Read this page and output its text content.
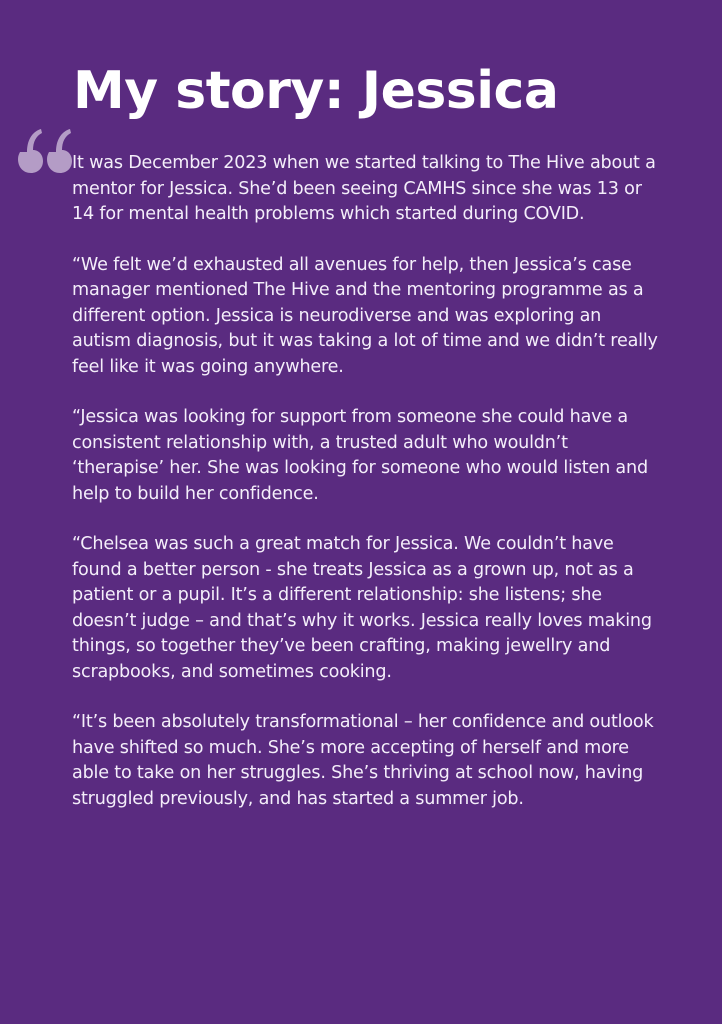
My story: Jessica

It was December 2023 when we started talking to The Hive about a mentor for Jessica. She’d been seeing CAMHS since she was 13 or 14 for mental health problems which started during COVID.

“We felt we’d exhausted all avenues for help, then Jessica’s case manager mentioned The Hive and the mentoring programme as a different option. Jessica is neurodiverse and was exploring an autism diagnosis, but it was taking a lot of time and we didn’t really feel like it was going anywhere.

“Jessica was looking for support from someone she could have a consistent relationship with, a trusted adult who wouldn’t ‘therapise’ her. She was looking for someone who would listen and help to build her confidence.

“Chelsea was such a great match for Jessica. We couldn’t have found a better person - she treats Jessica as a grown up, not as a patient or a pupil. It’s a different relationship: she listens; she doesn’t judge – and that’s why it works. Jessica really loves making things, so together they’ve been crafting, making jewellry and scrapbooks, and sometimes cooking.

“It’s been absolutely transformational – her confidence and outlook have shifted so much. She’s more accepting of herself and more able to take on her struggles. She’s thriving at school now, having struggled previously, and has started a summer job.
